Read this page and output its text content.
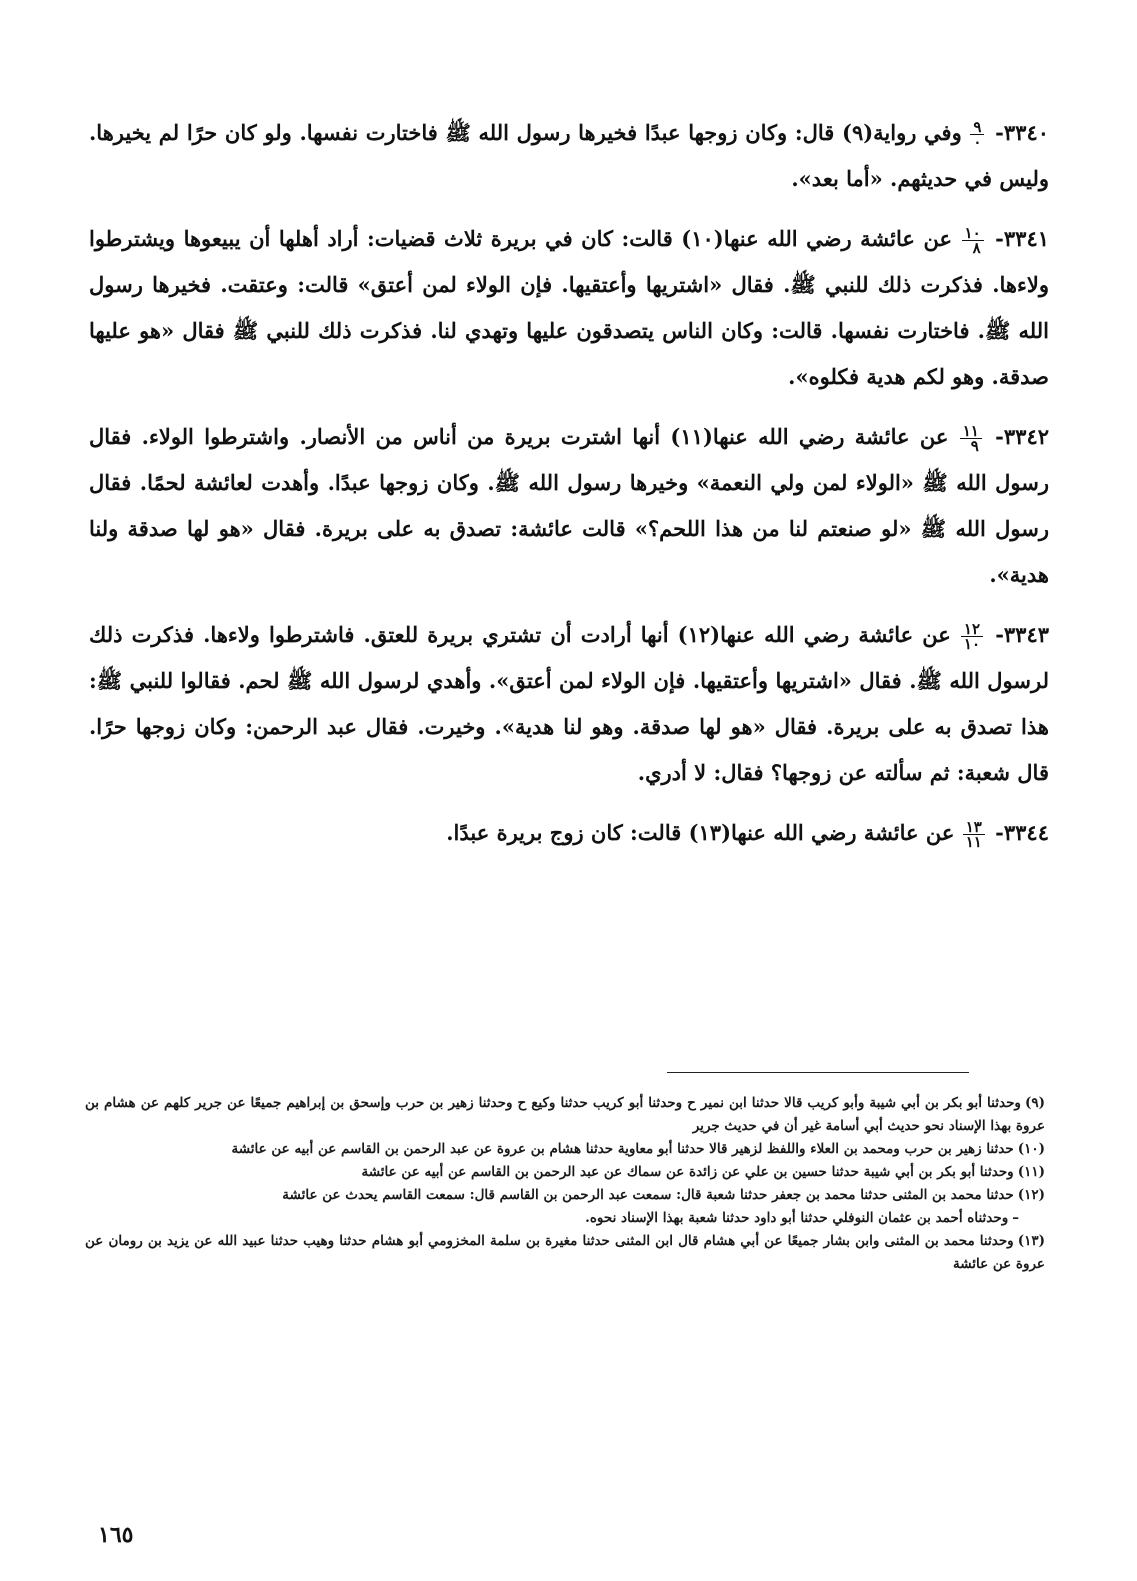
٣٣٤٠-
$\frac{٩}{٠}$
وفي رواية(٩) قال: وكان زوجها عبدًا فخيرها رسول الله ﷺ فاختارت نفسها. ولو كان حرًا لم يخيرها. وليس في حديثهم. «أما بعد».

٣٣٤١-
$\frac{١٠}{٨}$
عن عائشة رضي الله عنها(١٠) قالت: كان في بريرة ثلاث قضيات: أراد أهلها أن يبيعوها ويشترطوا ولاءها. فذكرت ذلك للنبي ﷺ. فقال «اشتريها وأعتقيها. فإن الولاء لمن أعتق» قالت: وعتقت. فخيرها رسول الله ﷺ. فاختارت نفسها. قالت: وكان الناس يتصدقون عليها وتهدي لنا. فذكرت ذلك للنبي ﷺ فقال «هو عليها صدقة. وهو لكم هدية فكلوه».

٣٣٤٢-
$\frac{١١}{٩}$
عن عائشة رضي الله عنها(١١) أنها اشترت بريرة من أناس من الأنصار. واشترطوا الولاء. فقال رسول الله ﷺ «الولاء لمن ولي النعمة» وخيرها رسول الله ﷺ. وكان زوجها عبدًا. وأهدت لعائشة لحمًا. فقال رسول الله ﷺ «لو صنعتم لنا من هذا اللحم؟» قالت عائشة: تصدق به على بريرة. فقال «هو لها صدقة ولنا هدية».

٣٣٤٣-
$\frac{١٢}{١٠}$
عن عائشة رضي الله عنها(١٢) أنها أرادت أن تشتري بريرة للعتق. فاشترطوا ولاءها. فذكرت ذلك لرسول الله ﷺ. فقال «اشتريها وأعتقيها. فإن الولاء لمن أعتق». وأهدي لرسول الله ﷺ لحم. فقالوا للنبي ﷺ: هذا تصدق به على بريرة. فقال «هو لها صدقة. وهو لنا هدية». وخيرت. فقال عبد الرحمن: وكان زوجها حرًا. قال شعبة: ثم سألته عن زوجها؟ فقال: لا أدري.

٣٣٤٤-
$\frac{١٣}{١١}$
عن عائشة رضي الله عنها(١٣) قالت: كان زوج بريرة عبدًا.

(٩)وحدثنا أبو بكر بن أبي شيبة وأبو كريب قالا حدثنا ابن نمير ح وحدثنا أبو كريب حدثنا وكيع ح وحدثنا زهير بن حرب وإسحق بن إبراهيم جميعًا عن جرير كلهم عن هشام بن عروة بهذا الإسناد نحو حديث أبي أسامة غير أن في حديث جرير

(١٠)حدثنا زهير بن حرب ومحمد بن العلاء واللفظ لزهير قالا حدثنا أبو معاوية حدثنا هشام بن عروة عن عبد الرحمن بن القاسم عن أبيه عن عائشة

(١١)وحدثنا أبو بكر بن أبي شيبة حدثنا حسين بن علي عن زائدة عن سماك عن عبد الرحمن بن القاسم عن أبيه عن عائشة

(١٢)حدثنا محمد بن المثنى حدثنا محمد بن جعفر حدثنا شعبة قال: سمعت عبد الرحمن بن القاسم قال: سمعت القاسم يحدث عن عائشة

–وحدثناه أحمد بن عثمان النوفلي حدثنا أبو داود حدثنا شعبة بهذا الإسناد نحوه.

(١٣)وحدثنا محمد بن المثنى وابن بشار جميعًا عن أبي هشام قال ابن المثنى حدثنا مغيرة بن سلمة المخزومي أبو هشام حدثنا وهيب حدثنا عبيد الله عن يزيد بن رومان عن عروة عن عائشة

١٦٥
